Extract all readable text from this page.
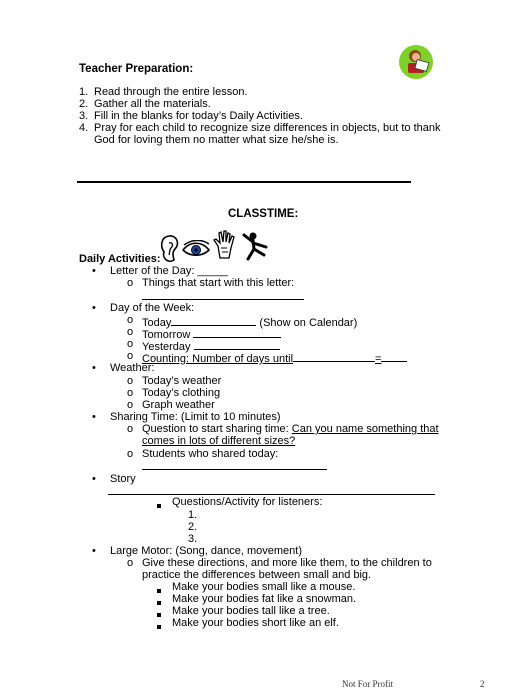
Teacher Preparation:
1. Read through the entire lesson.
2. Gather all the materials.
3. Fill in the blanks for today’s Daily Activities.
4. Pray for each child to recognize size differences in objects, but to thank
God for loving them no matter what size he/she is.
CLASSTIME:
Daily Activities:
• Letter of the Day: _____
o Things that start with this letter:
• Day of the Week:
o Today	(Show on Calendar)
o Tomorrow
o Yesterday
o Counting: Number of days until	=
• Weather:
o Today’s weather
o Today’s clothing
o Graph weather
• Sharing Time: (Limit to 10 minutes)
o Question to start sharing time: Can you name something that
comes in lots of different sizes?
o Students who shared today:
• Story
Questions/Activity for listeners:
1.
2.
3.
• Large Motor: (Song, dance, movement)
o Give these directions, and more like them, to the children to
practice the differences between small and big.
Make your bodies small like a mouse.
Make your bodies fat like a snowman.
Make your bodies tall like a tree.
Make your bodies short like an elf.
Not For Profit	2
